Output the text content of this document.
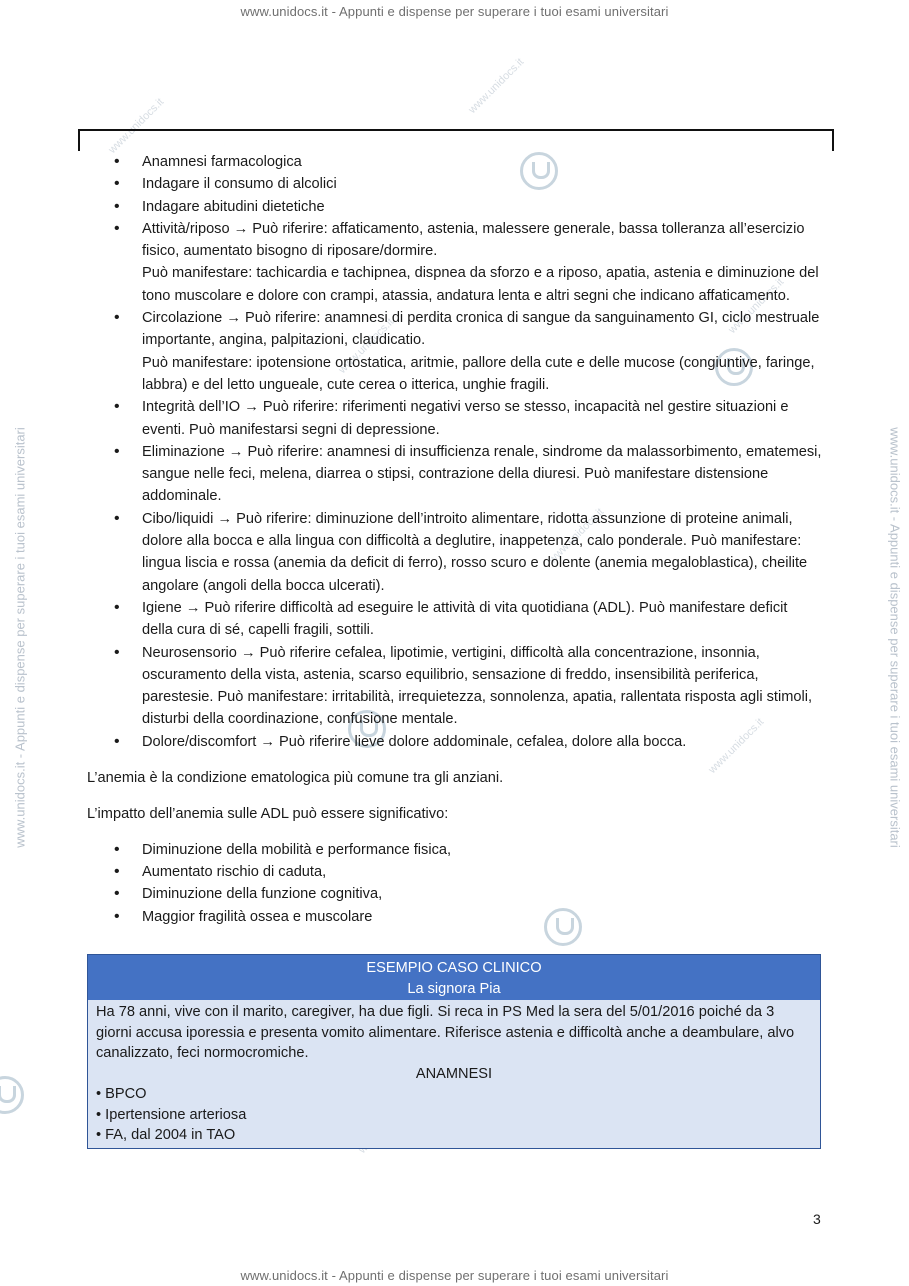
www.unidocs.it - Appunti e dispense per superare i tuoi esami universitari
www.unidocs.it - Appunti e dispense per superare i tuoi esami universitari
www.unidocs.it - Appunti e dispense per superare i tuoi esami universitari	www.unidocs.it - Appunti e dispense per superare i tuoi esami universitari
www.unidocs.it
www.unidocs.it
www.unidocs.it
www.unidocs.it
www.unidocs.it
www.unidocs.it
• Anamnesi farmacologica
• Indagare il consumo di alcolici
• Indagare abitudini dietetiche
• Attività/riposo → Può riferire: affaticamento, astenia, malessere generale, bassa tolleranza all’esercizio fisico, aumentato bisogno di riposare/dormire.
Può manifestare: tachicardia e tachipnea, dispnea da sforzo e a riposo, apatia, astenia e diminuzione del tono muscolare e dolore con crampi, atassia, andatura lenta e altri segni che indicano affaticamento.
• Circolazione → Può riferire: anamnesi di perdita cronica di sangue da sanguinamento GI, ciclo mestruale importante, angina, palpitazioni, claudicatio.
Può manifestare: ipotensione ortostatica, aritmie, pallore della cute e delle mucose (congiuntive, faringe, labbra) e del letto ungueale, cute cerea o itterica, unghie fragili.
• Integrità dell’IO → Può riferire: riferimenti negativi verso se stesso, incapacità nel gestire situazioni e eventi. Può manifestarsi segni di depressione.
• Eliminazione → Può riferire: anamnesi di insufficienza renale, sindrome da malassorbimento, ematemesi, sangue nelle feci, melena, diarrea o stipsi, contrazione della diuresi. Può manifestare distensione addominale.
• Cibo/liquidi → Può riferire: diminuzione dell’introito alimentare, ridotta assunzione di proteine animali, dolore alla bocca e alla lingua con difficoltà a deglutire, inappetenza, calo ponderale. Può manifestare: lingua liscia e rossa (anemia da deficit di ferro), rosso scuro e dolente (anemia megaloblastica), cheilite angolare (angoli della bocca ulcerati).
• Igiene → Può riferire difficoltà ad eseguire le attività di vita quotidiana (ADL). Può manifestare deficit della cura di sé, capelli fragili, sottili.
• Neurosensorio → Può riferire cefalea, lipotimie, vertigini, difficoltà alla concentrazione, insonnia, oscuramento della vista, astenia, scarso equilibrio, sensazione di freddo, insensibilità periferica, parestesie. Può manifestare: irritabilità, irrequietezza, sonnolenza, apatia, rallentata risposta agli stimoli, disturbi della coordinazione, confusione mentale.
• Dolore/discomfort → Può riferire lieve dolore addominale, cefalea, dolore alla bocca.

L’anemia è la condizione ematologica più comune tra gli anziani.

L’impatto dell’anemia sulle ADL può essere significativo:

• Diminuzione della mobilità e performance fisica,
• Aumentato rischio di caduta,
• Diminuzione della funzione cognitiva,
• Maggior fragilità ossea e muscolare
ESEMPIO CASO CLINICO
La signora Pia
Ha 78 anni, vive con il marito, caregiver, ha due figli. Si reca in PS Med la sera del 5/01/2016 poiché da 3 giorni accusa iporessia e presenta vomito alimentare. Riferisce astenia e difficoltà anche a deambulare, alvo canalizzato, feci normocromiche.
ANAMNESI
• BPCO
• Ipertensione arteriosa
• FA, dal 2004 in TAO
3
